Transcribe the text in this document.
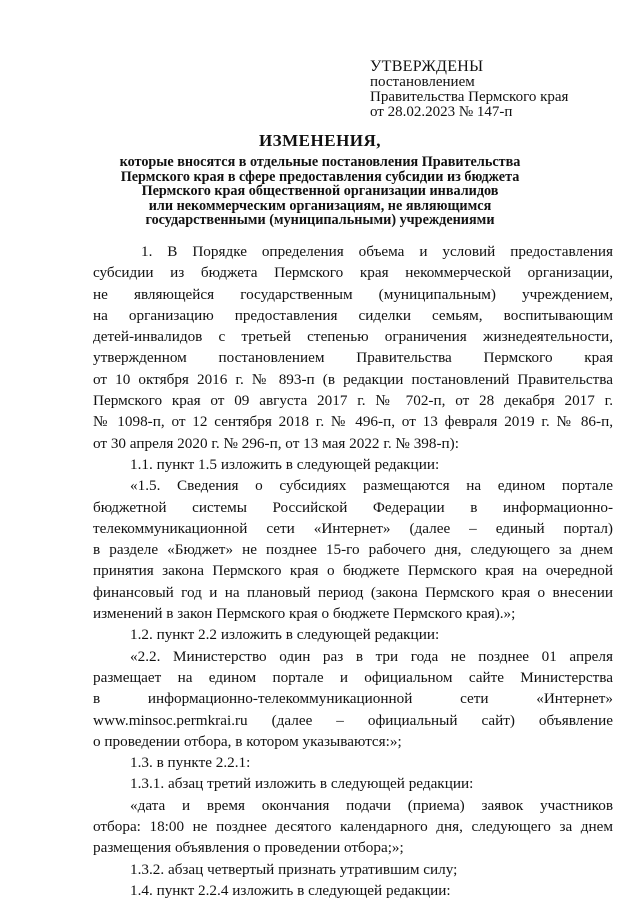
УТВЕРЖДЕНЫ
постановлением
Правительства Пермского края
от 28.02.2023 № 147-п
ИЗМЕНЕНИЯ,

которые вносятся в отдельные постановления Правительства

Пермского края в сфере предоставления субсидии из бюджета

Пермского края общественной организации инвалидов

или некоммерческим организациям, не являющимся

государственными (муниципальными) учреждениями

1. В Порядке определения объема и условий предоставления

субсидии из бюджета Пермского края некоммерческой организации,

не являющейся государственным (муниципальным) учреждением,

на организацию предоставления сиделки семьям, воспитывающим

детей-инвалидов с третьей степенью ограничения жизнедеятельности,

утвержденном постановлением Правительства Пермского края

от 10 октября 2016 г. № 893-п (в редакции постановлений Правительства

Пермского края от 09 августа 2017 г. № 702-п, от 28 декабря 2017 г.

№ 1098-п, от 12 сентября 2018 г. № 496-п, от 13 февраля 2019 г. № 86-п,

от 30 апреля 2020 г. № 296-п, от 13 мая 2022 г. № 398-п):

1.1. пункт 1.5 изложить в следующей редакции:

«1.5. Сведения о субсидиях размещаются на едином портале

бюджетной системы Российской Федерации в информационно-

телекоммуникационной сети «Интернет» (далее – единый портал)

в разделе «Бюджет» не позднее 15-го рабочего дня, следующего за днем

принятия закона Пермского края о бюджете Пермского края на очередной

финансовый год и на плановый период (закона Пермского края о внесении

изменений в закон Пермского края о бюджете Пермского края).»;

1.2. пункт 2.2 изложить в следующей редакции:

«2.2. Министерство один раз в три года не позднее 01 апреля

размещает на едином портале и официальном сайте Министерства

в информационно-телекоммуникационной сети «Интернет»

www.minsoc.permkrai.ru (далее – официальный сайт) объявление

о проведении отбора, в котором указываются:»;

1.3. в пункте 2.2.1:

1.3.1. абзац третий изложить в следующей редакции:

«дата и время окончания подачи (приема) заявок участников

отбора: 18:00 не позднее десятого календарного дня, следующего за днем

размещения объявления о проведении отбора;»;

1.3.2. абзац четвертый признать утратившим силу;

1.4. пункт 2.2.4 изложить в следующей редакции:
